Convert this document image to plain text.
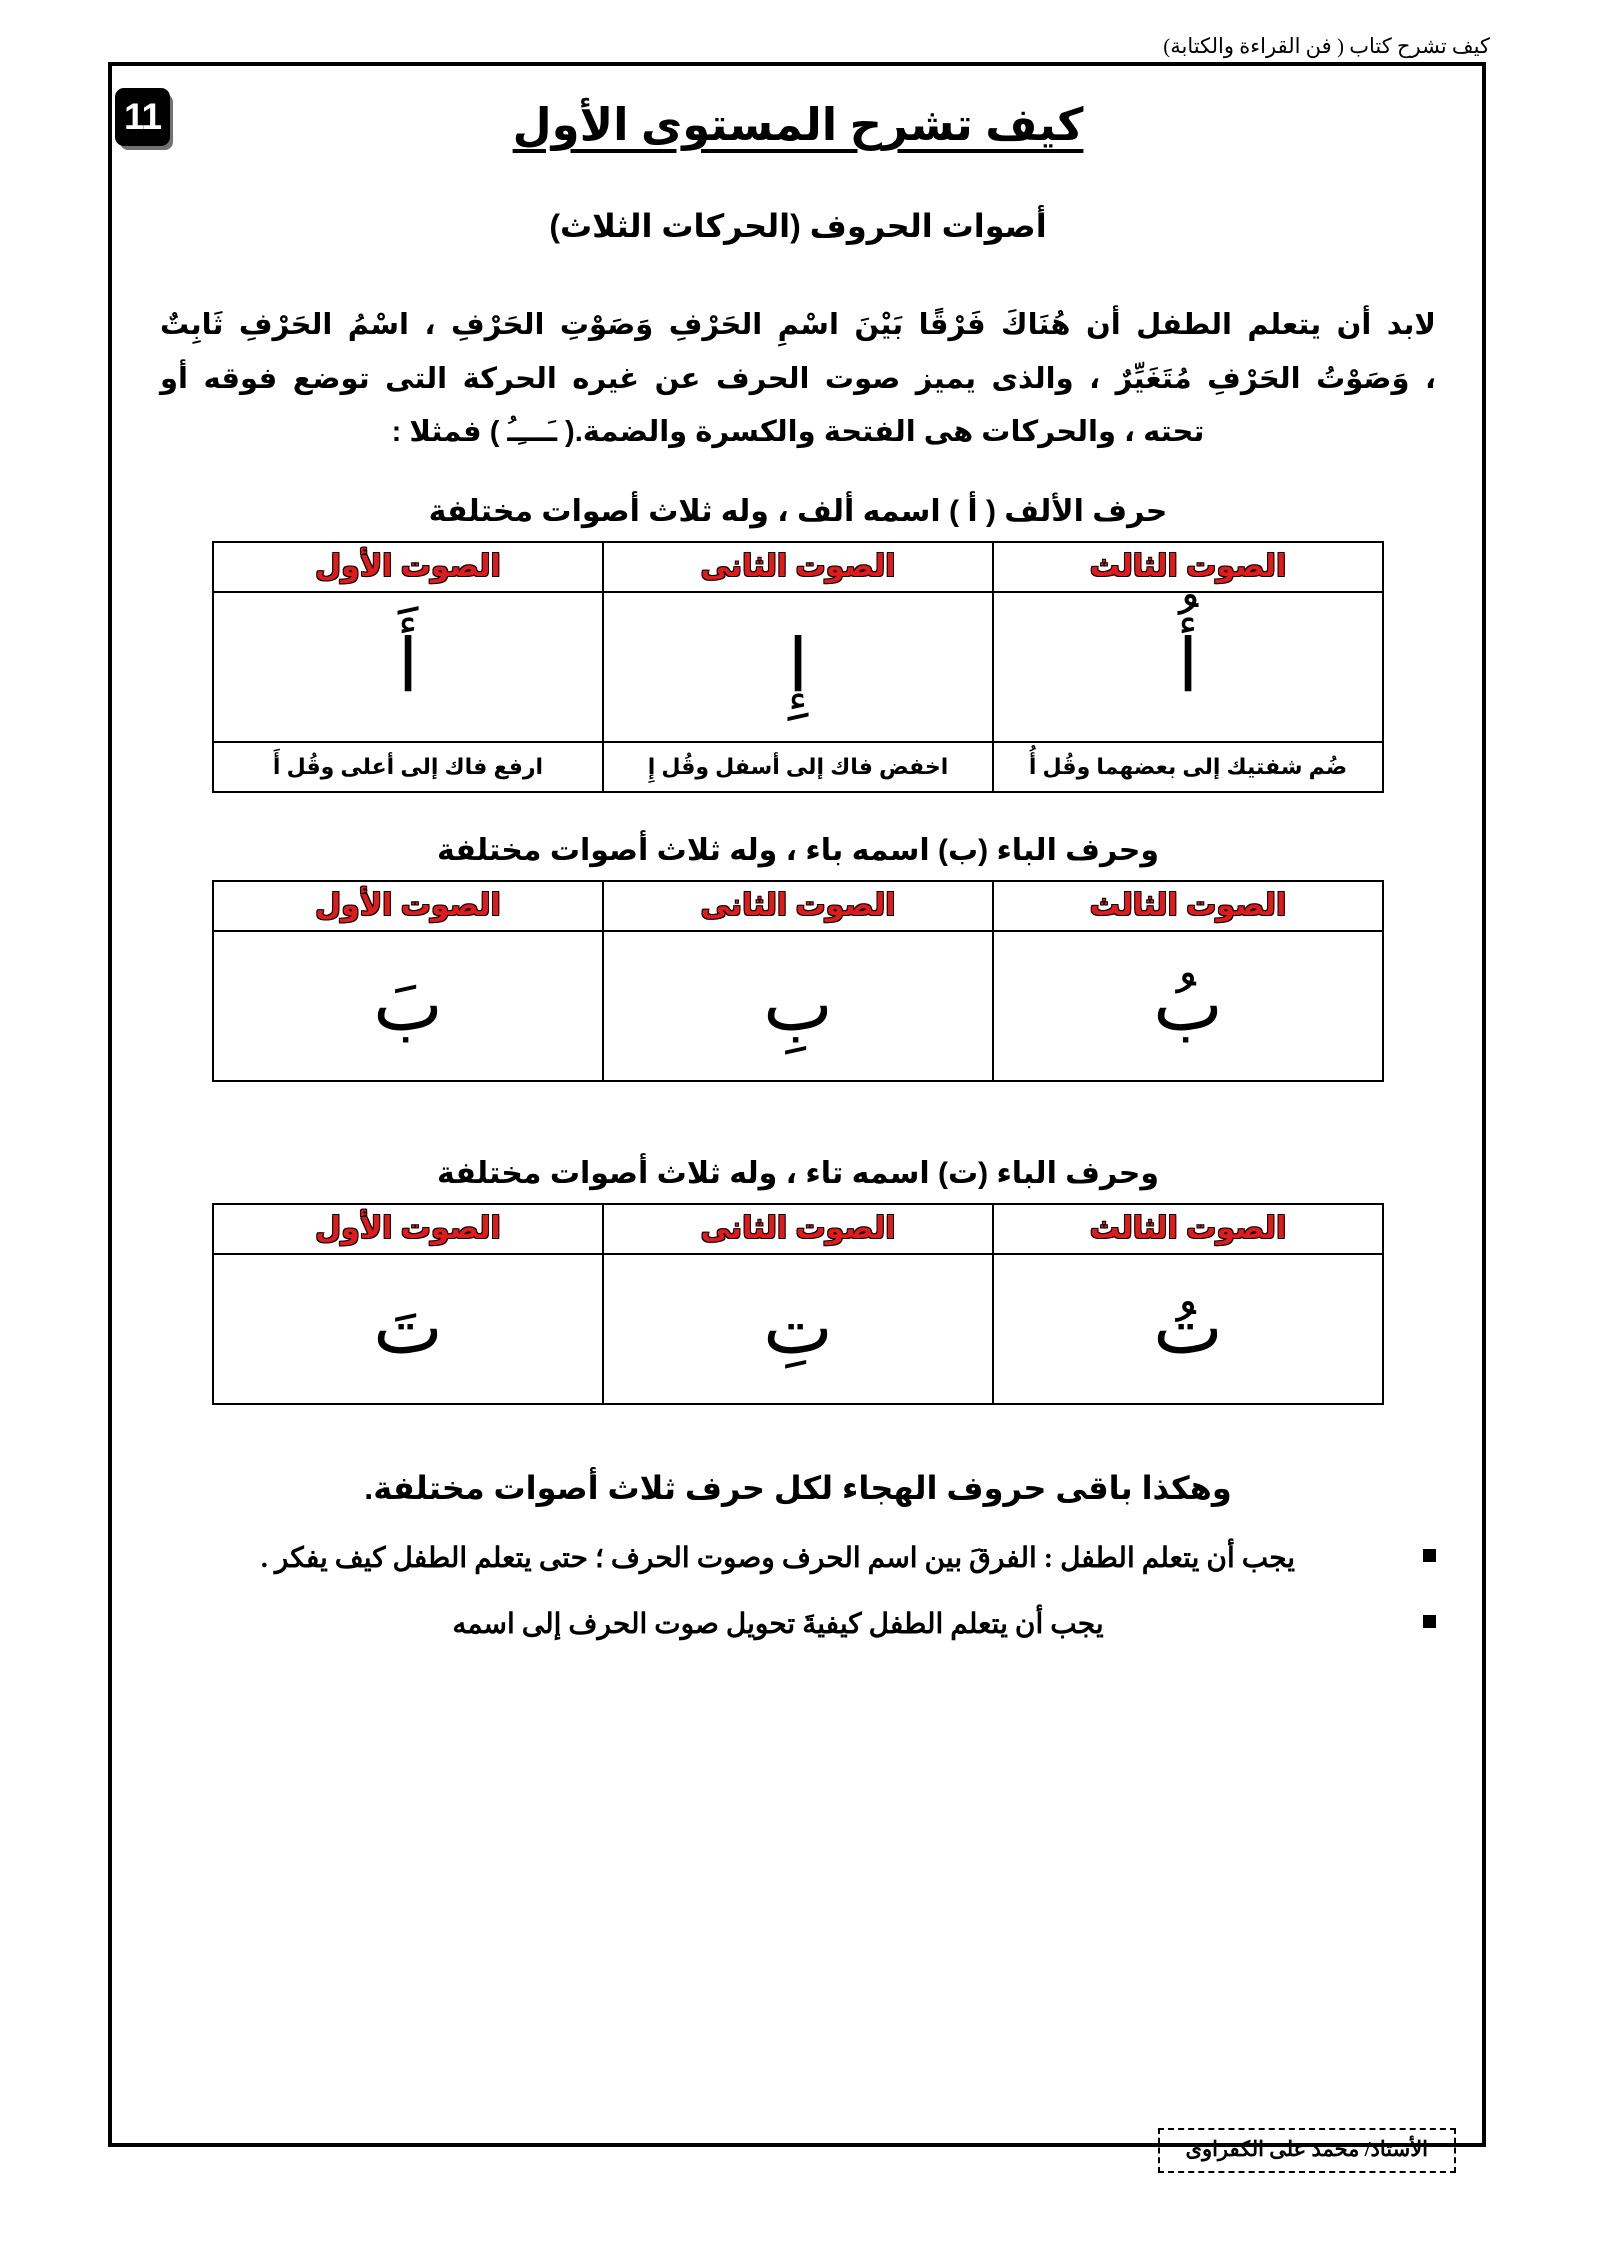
كيف تشرح كتاب ( فن القراءة والكتابة)
11	كيف تشرح المستوى الأول
أصوات الحروف (الحركات الثلاث)
لابد أن يتعلم الطفل أن هُنَاكَ فَرْقًا بَيْنَ اسْمِ الحَرْفِ وَصَوْتِ الحَرْفِ ، اسْمُ الحَرْفِ ثَابِتٌ
، وَصَوْتُ الحَرْفِ مُتَغَيِّرٌ ، والذى يميز صوت الحرف عن غيره الحركة التى توضع فوقه أو
تحته ، والحركات هى الفتحة والكسرة والضمة.( ـَـــِـُ ) فمثلا :
حرف الألف ( أ ) اسمه ألف ، وله ثلاث أصوات مختلفة
الصوت الثالث	الصوت الثانى	الصوت الأول

أُ	إِ	أَ

ضُم شفتيك إلى بعضهما وقُل أُ	اخفض فاك إلى أسفل وقُل إِ	ارفع فاك إلى أعلى وقُل أَ
وحرف الباء (ب) اسمه باء ، وله ثلاث أصوات مختلفة
الصوت الثالث	الصوت الثانى	الصوت الأول

بُ	بِ	بَ
وحرف الباء (ت) اسمه تاء ، وله ثلاث أصوات مختلفة
الصوت الثالث	الصوت الثانى	الصوت الأول

تُ	تِ	تَ
وهكذا باقى حروف الهجاء لكل حرف ثلاث أصوات مختلفة.
يجب أن يتعلم الطفل : الفرقَ بين اسم الحرف وصوت الحرف ؛ حتى يتعلم الطفل كيف يفكر .
يجب أن يتعلم الطفل كيفيةَ تحويل صوت الحرف إلى اسمه
الأستاذ/ محمد على الكفراوى
